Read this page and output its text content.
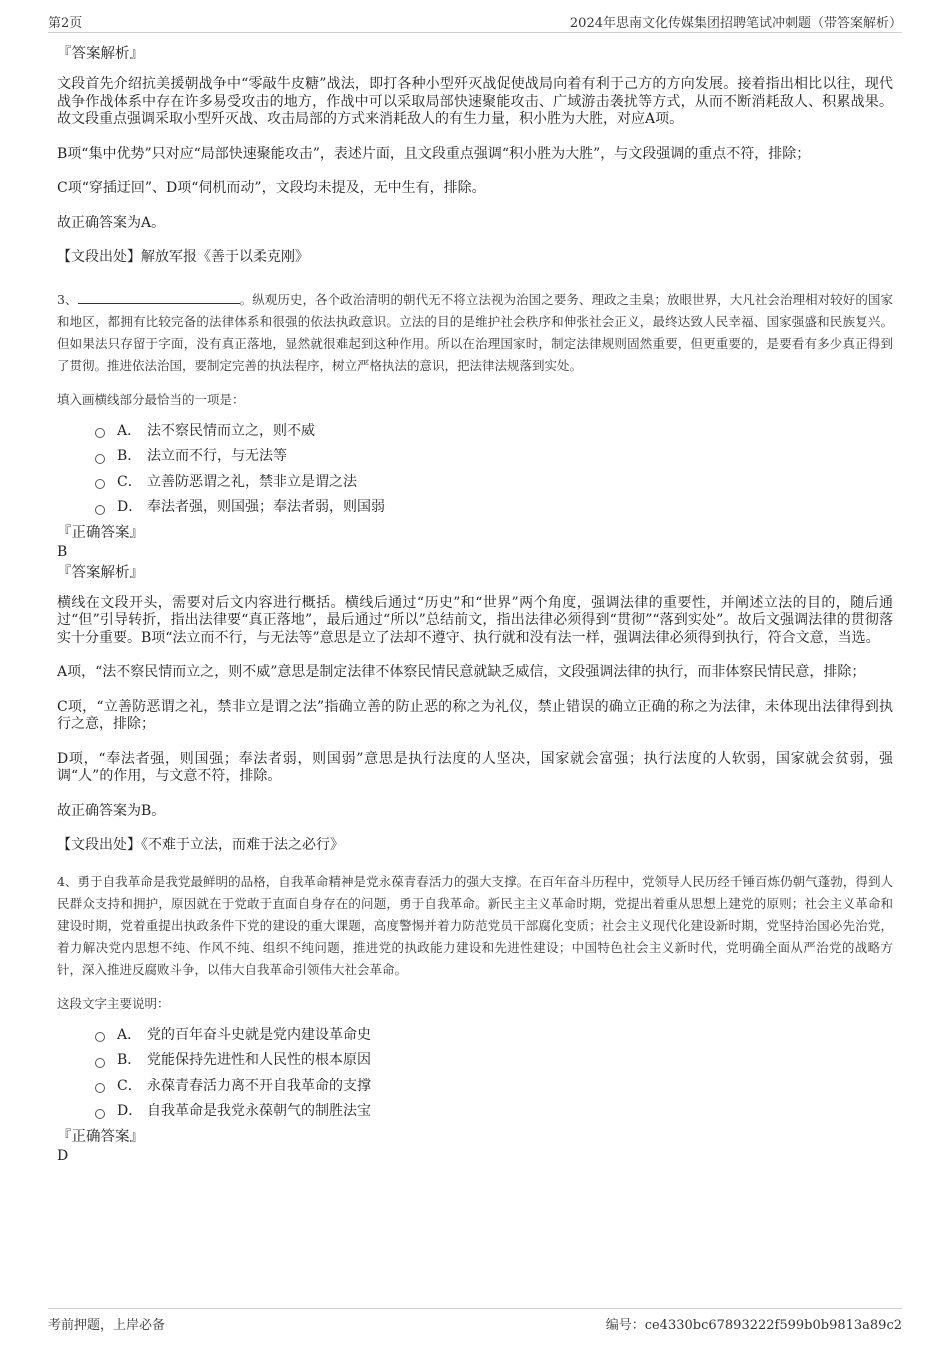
第2页	2024年思南文化传媒集团招聘笔试冲刺题（带答案解析）

『答案解析』

文段首先介绍抗美援朝战争中“零敲牛皮糖”战法，即打各种小型歼灭战促使战局向着有利于己方的方向发展。接着指出相比以往，现代战争作战体系中存在许多易受攻击的地方，作战中可以采取局部快速聚能攻击、广域游击袭扰等方式，从而不断消耗敌人、积累战果。故文段重点强调采取小型歼灭战、攻击局部的方式来消耗敌人的有生力量，积小胜为大胜，对应A项。

B项“集中优势”只对应“局部快速聚能攻击”，表述片面，且文段重点强调“积小胜为大胜”，与文段强调的重点不符，排除；

C项“穿插迂回”、D项“伺机而动”，文段均未提及，无中生有，排除。

故正确答案为A。

【文段出处】解放军报《善于以柔克刚》

3、	。纵观历史，各个政治清明的朝代无不将立法视为治国之要务、理政之圭臬；放眼世界，大凡社会治理相对较好的国家和地区，都拥有比较完备的法律体系和很强的依法执政意识。立法的目的是维护社会秩序和伸张社会正义，最终达致人民幸福、国家强盛和民族复兴。但如果法只存留于字面，没有真正落地，显然就很难起到这种作用。所以在治理国家时，制定法律规则固然重要，但更重要的，是要看有多少真正得到了贯彻。推进依法治国，要制定完善的执法程序，树立严格执法的意识，把法律法规落到实处。

填入画横线部分最恰当的一项是：

A． 法不察民情而立之，则不威
B． 法立而不行，与无法等
C． 立善防恶谓之礼，禁非立是谓之法
D． 奉法者强，则国强；奉法者弱，则国弱

『正确答案』

B

『答案解析』

横线在文段开头，需要对后文内容进行概括。横线后通过“历史”和“世界”两个角度，强调法律的重要性，并阐述立法的目的，随后通过“但”引导转折，指出法律要“真正落地”，最后通过“所以”总结前文，指出法律必须得到“贯彻”“落到实处”。故后文强调法律的贯彻落实十分重要。B项“法立而不行，与无法等”意思是立了法却不遵守、执行就和没有法一样，强调法律必须得到执行，符合文意，当选。

A项，“法不察民情而立之，则不威”意思是制定法律不体察民情民意就缺乏威信，文段强调法律的执行，而非体察民情民意，排除；

C项，“立善防恶谓之礼，禁非立是谓之法”指确立善的防止恶的称之为礼仪，禁止错误的确立正确的称之为法律，未体现出法律得到执行之意，排除；

D项，“奉法者强，则国强；奉法者弱，则国弱”意思是执行法度的人坚决，国家就会富强；执行法度的人软弱，国家就会贫弱，强调“人”的作用，与文意不符，排除。

故正确答案为B。

【文段出处】《不难于立法，而难于法之必行》

4、勇于自我革命是我党最鲜明的品格，自我革命精神是党永葆青春活力的强大支撑。在百年奋斗历程中，党领导人民历经千锤百炼仍朝气蓬勃，得到人民群众支持和拥护，原因就在于党敢于直面自身存在的问题，勇于自我革命。新民主主义革命时期，党提出着重从思想上建党的原则；社会主义革命和建设时期，党着重提出执政条件下党的建设的重大课题，高度警惕并着力防范党员干部腐化变质；社会主义现代化建设新时期，党坚持治国必先治党，着力解决党内思想不纯、作风不纯、组织不纯问题，推进党的执政能力建设和先进性建设；中国特色社会主义新时代，党明确全面从严治党的战略方针，深入推进反腐败斗争，以伟大自我革命引领伟大社会革命。

这段文字主要说明：

A． 党的百年奋斗史就是党内建设革命史
B． 党能保持先进性和人民性的根本原因
C． 永葆青春活力离不开自我革命的支撑
D． 自我革命是我党永葆朝气的制胜法宝

『正确答案』

D

考前押题，上岸必备	编号：ce4330bc67893222f599b0b9813a89c2
